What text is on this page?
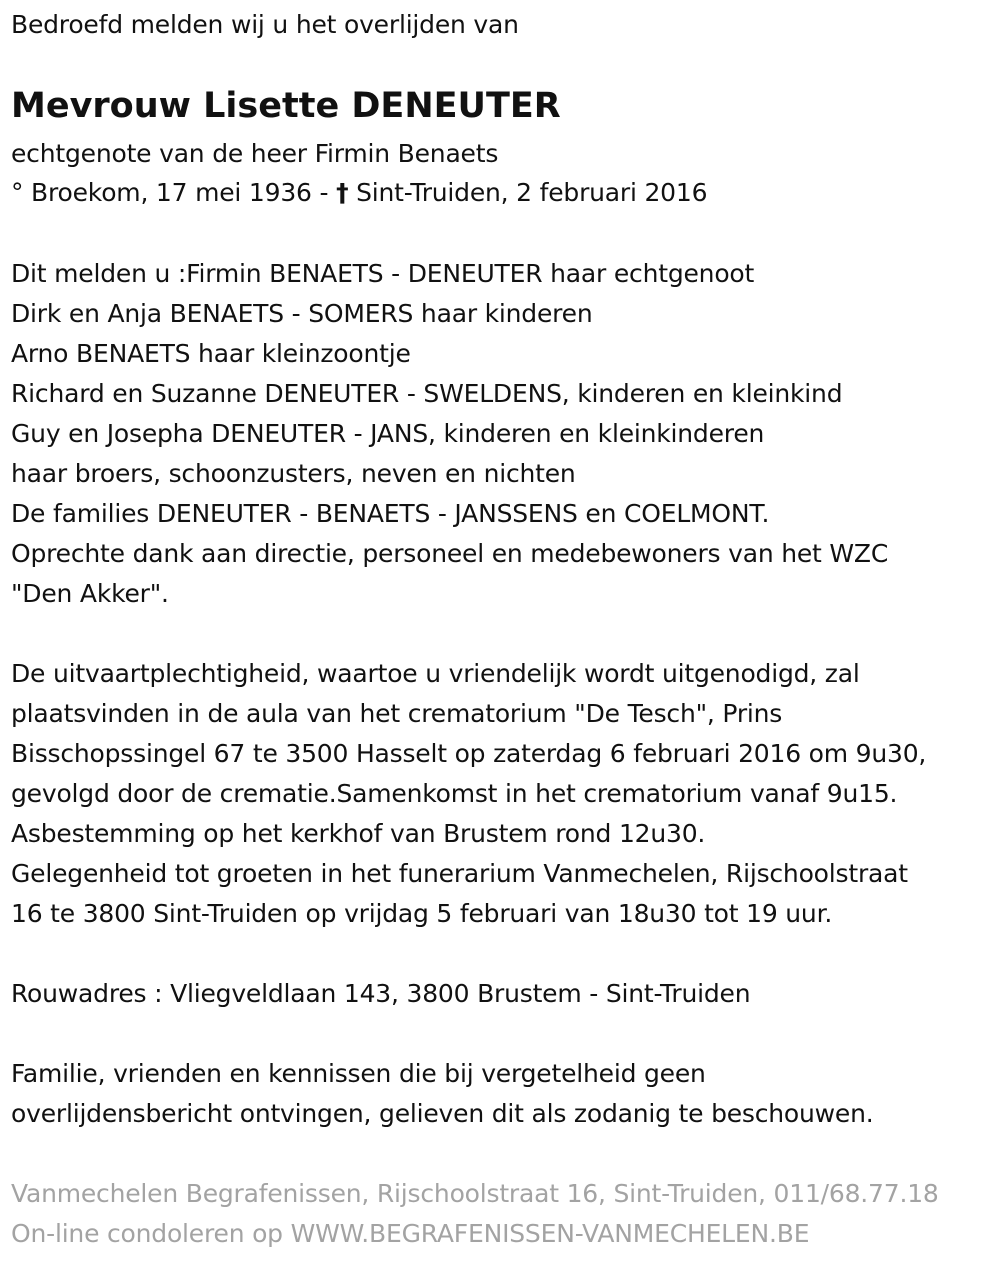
Bedroefd melden wij u het overlijden van
Mevrouw Lisette DENEUTER
echtgenote van de heer Firmin Benaets
° Broekom, 17 mei 1936 - † Sint-Truiden, 2 februari 2016
Dit melden u :Firmin BENAETS - DENEUTER haar echtgenoot
Dirk en Anja BENAETS - SOMERS haar kinderen
Arno BENAETS haar kleinzoontje
Richard en Suzanne DENEUTER - SWELDENS, kinderen en kleinkind
Guy en Josepha DENEUTER - JANS, kinderen en kleinkinderen
haar broers, schoonzusters, neven en nichten
De families DENEUTER - BENAETS - JANSSENS en COELMONT.
Oprechte dank aan directie, personeel en medebewoners van het WZC
"Den Akker".
De uitvaartplechtigheid, waartoe u vriendelijk wordt uitgenodigd, zal
plaatsvinden in de aula van het crematorium "De Tesch", Prins
Bisschopssingel 67 te 3500 Hasselt op zaterdag 6 februari 2016 om 9u30,
gevolgd door de crematie.Samenkomst in het crematorium vanaf 9u15.
Asbestemming op het kerkhof van Brustem rond 12u30.
Gelegenheid tot groeten in het funerarium Vanmechelen, Rijschoolstraat
16 te 3800 Sint-Truiden op vrijdag 5 februari van 18u30 tot 19 uur.
Rouwadres : Vliegveldlaan 143, 3800 Brustem - Sint-Truiden
Familie, vrienden en kennissen die bij vergetelheid geen
overlijdensbericht ontvingen, gelieven dit als zodanig te beschouwen.
Vanmechelen Begrafenissen, Rijschoolstraat 16, Sint-Truiden, 011/68.77.18
On-line condoleren op WWW.BEGRAFENISSEN-VANMECHELEN.BE
